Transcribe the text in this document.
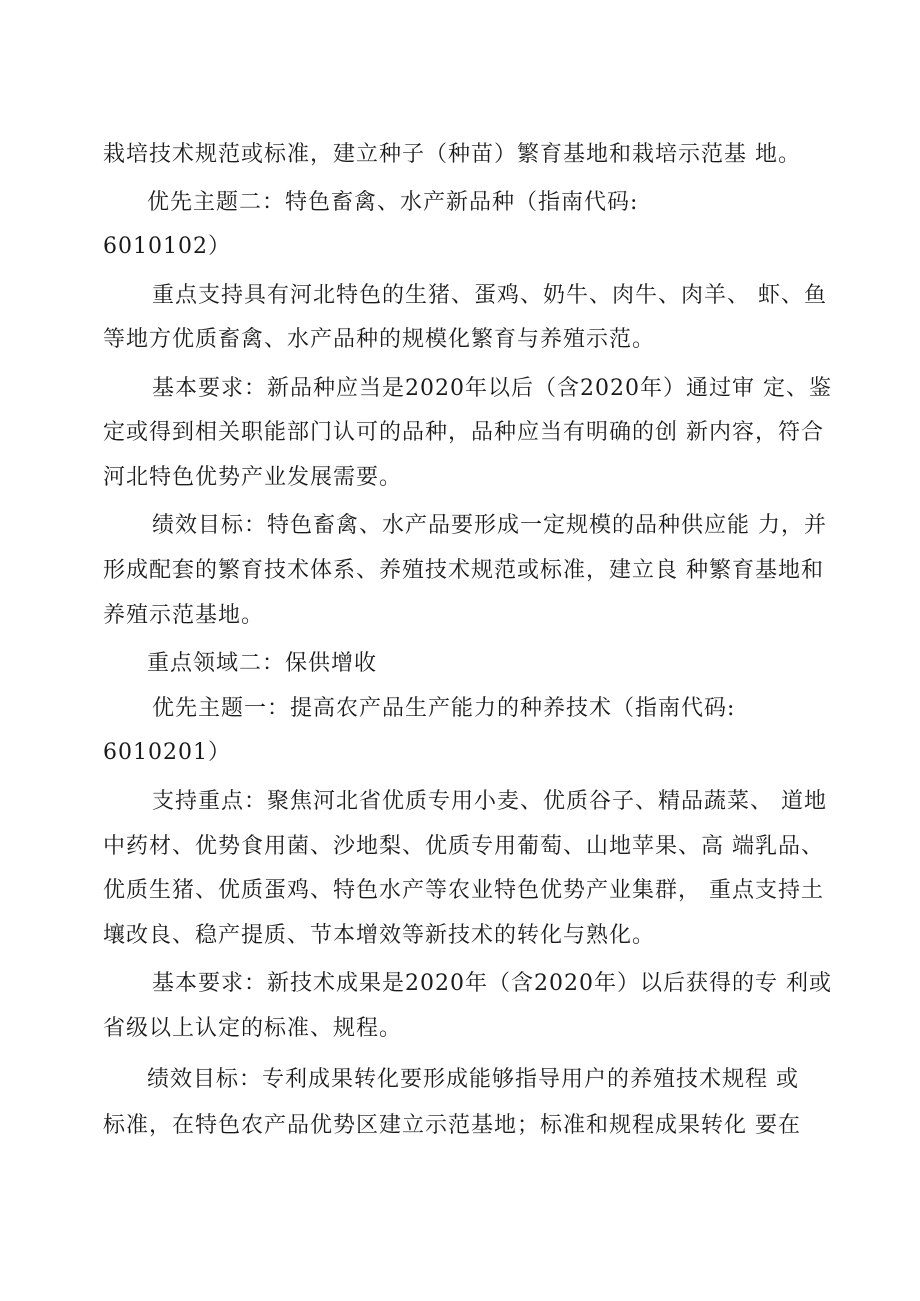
栽培技术规范或标准，建立种子（种苗）繁育基地和栽培示范基 地。
优先主题二：特色畜禽、水产新品种（指南代码:
6010102）
重点支持具有河北特色的生猪、蛋鸡、奶牛、肉牛、肉羊、 虾、鱼
等地方优质畜禽、水产品种的规模化繁育与养殖示范。
基本要求：新品种应当是2020年以后（含2020年）通过审 定、鉴
定或得到相关职能部门认可的品种，品种应当有明确的创 新内容，符合
河北特色优势产业发展需要。
绩效目标：特色畜禽、水产品要形成一定规模的品种供应能 力，并
形成配套的繁育技术体系、养殖技术规范或标准，建立良 种繁育基地和
养殖示范基地。
重点领域二：保供增收
优先主题一：提高农产品生产能力的种养技术（指南代码:
6010201）
支持重点：聚焦河北省优质专用小麦、优质谷子、精品蔬菜、 道地
中药材、优势食用菌、沙地梨、优质专用葡萄、山地苹果、高 端乳品、
优质生猪、优质蛋鸡、特色水产等农业特色优势产业集群， 重点支持土
壤改良、稳产提质、节本增效等新技术的转化与熟化。
基本要求：新技术成果是2020年（含2020年）以后获得的专 利或
省级以上认定的标准、规程。
绩效目标：专利成果转化要形成能够指导用户的养殖技术规程 或
标准，在特色农产品优势区建立示范基地；标准和规程成果转化 要在
